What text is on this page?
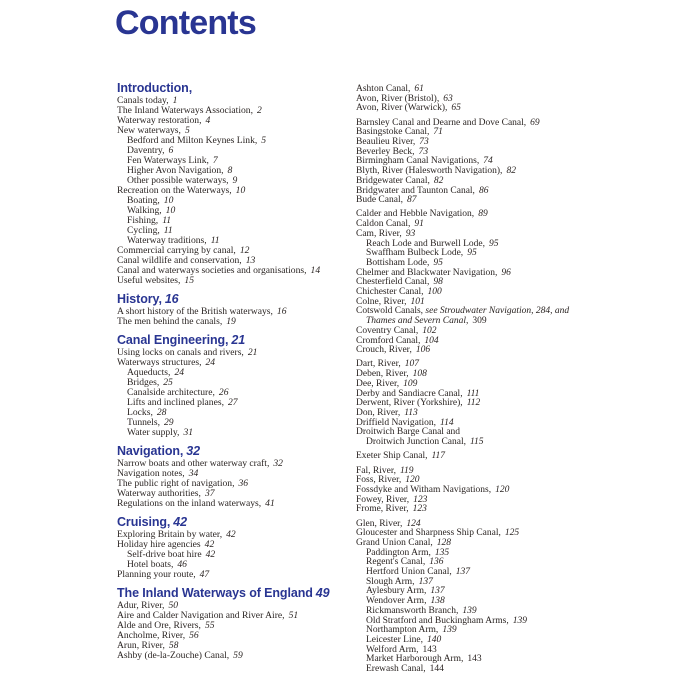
Contents
Introduction,
Canals today, 1
The Inland Waterways Association, 2
Waterway restoration, 4
New waterways, 5
Bedford and Milton Keynes Link, 5
Daventry, 6
Fen Waterways Link, 7
Higher Avon Navigation, 8
Other possible waterways, 9
Recreation on the Waterways, 10
Boating, 10
Walking, 10
Fishing, 11
Cycling, 11
Waterway traditions, 11
Commercial carrying by canal, 12
Canal wildlife and conservation, 13
Canal and waterways societies and organisations, 14
Useful websites, 15
History, 16
A short history of the British waterways, 16
The men behind the canals, 19
Canal Engineering, 21
Using locks on canals and rivers, 21
Waterways structures, 24
Aqueducts, 24
Bridges, 25
Canalside architecture, 26
Lifts and inclined planes, 27
Locks, 28
Tunnels, 29
Water supply, 31
Navigation, 32
Narrow boats and other waterway craft, 32
Navigation notes, 34
The public right of navigation, 36
Waterway authorities, 37
Regulations on the inland waterways, 41
Cruising, 42
Exploring Britain by water, 42
Holiday hire agencies 42
Self-drive boat hire 42
Hotel boats, 46
Planning your route, 47
The Inland Waterways of England 49
Adur, River, 50
Aire and Calder Navigation and River Aire, 51
Alde and Ore, Rivers, 55
Ancholme, River, 56
Arun, River, 58
Ashby (de-la-Zouche) Canal, 59
Ashton Canal, 61
Avon, River (Bristol), 63
Avon, River (Warwick), 65
Barnsley Canal and Dearne and Dove Canal, 69
Basingstoke Canal, 71
Beaulieu River, 73
Beverley Beck, 73
Birmingham Canal Navigations, 74
Blyth, River (Halesworth Navigation), 82
Bridgewater Canal, 82
Bridgwater and Taunton Canal, 86
Bude Canal, 87
Calder and Hebble Navigation, 89
Caldon Canal, 91
Cam, River, 93
Reach Lode and Burwell Lode, 95
Swaffham Bulbeck Lode, 95
Bottisham Lode, 95
Chelmer and Blackwater Navigation, 96
Chesterfield Canal, 98
Chichester Canal, 100
Colne, River, 101
Cotswold Canals, see Stroudwater Navigation, 284, and
Thames and Severn Canal, 309
Coventry Canal, 102
Cromford Canal, 104
Crouch, River, 106
Dart, River, 107
Deben, River, 108
Dee, River, 109
Derby and Sandiacre Canal, 111
Derwent, River (Yorkshire), 112
Don, River, 113
Driffield Navigation, 114
Droitwich Barge Canal and
Droitwich Junction Canal, 115
Exeter Ship Canal, 117
Fal, River, 119
Foss, River, 120
Fossdyke and Witham Navigations, 120
Fowey, River, 123
Frome, River, 123
Glen, River, 124
Gloucester and Sharpness Ship Canal, 125
Grand Union Canal, 128
Paddington Arm, 135
Regent's Canal, 136
Hertford Union Canal, 137
Slough Arm, 137
Aylesbury Arm, 137
Wendover Arm, 138
Rickmansworth Branch, 139
Old Stratford and Buckingham Arms, 139
Northampton Arm, 139
Leicester Line, 140
Welford Arm, 143
Market Harborough Arm, 143
Erewash Canal, 144
